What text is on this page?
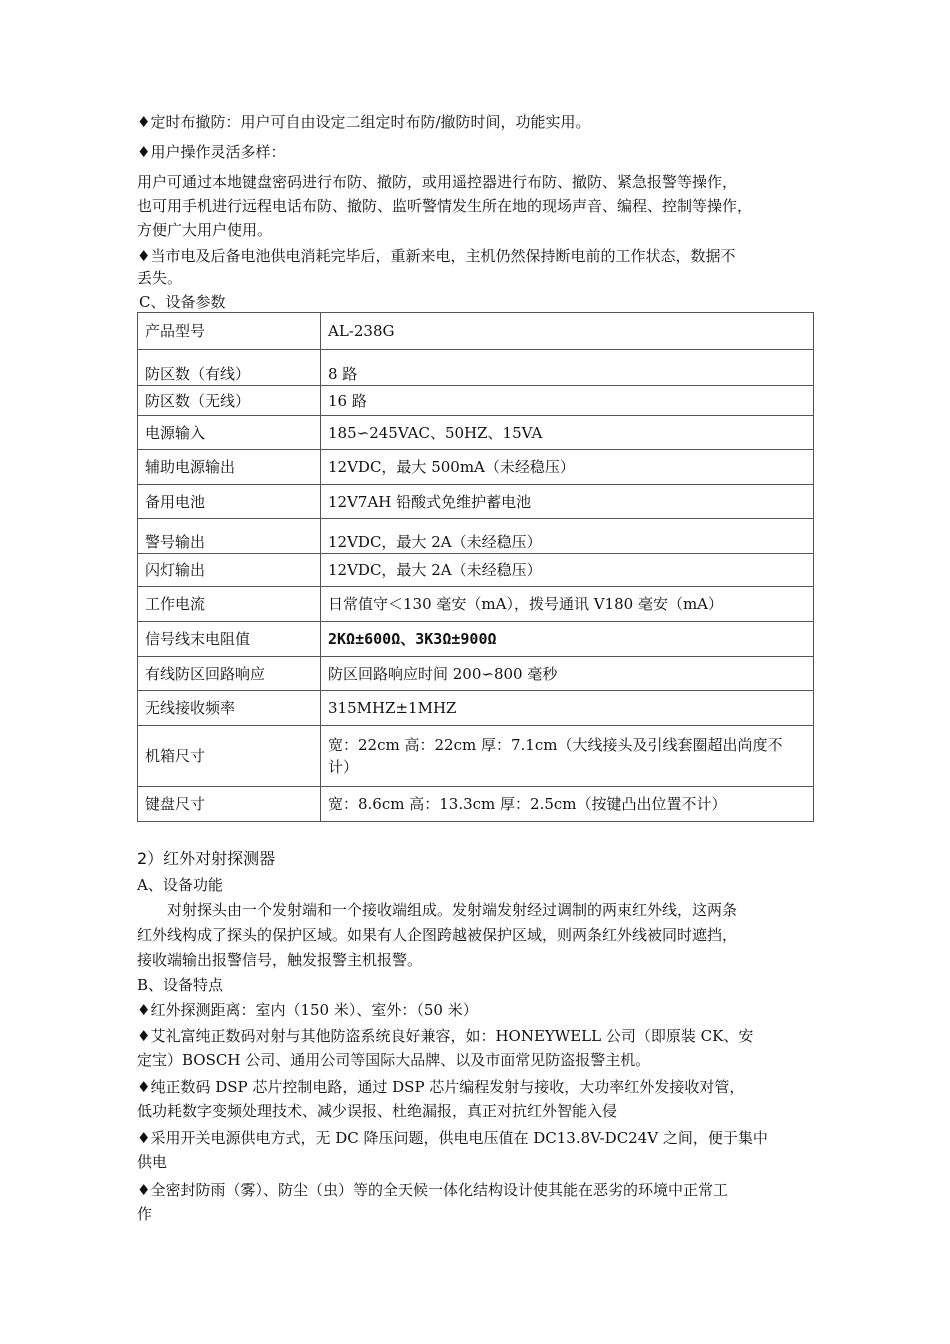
♦定时布撤防：用户可自由设定二组定时布防/撤防时间，功能实用。
♦用户操作灵活多样：
用户可通过本地键盘密码进行布防、撤防，或用遥控器进行布防、撤防、紧急报警等操作，
也可用手机进行远程电话布防、撤防、监听警情发生所在地的现场声音、编程、控制等操作，
方便广大用户使用。
♦当市电及后备电池供电消耗完毕后，重新来电，主机仍然保持断电前的工作状态，数据不
丢失。
C、设备参数
产品型号	AL-238G
防区数（有线）	8 路
防区数（无线）	16 路
电源输入	185∽245VAC、50HZ、15VA
辅助电源输出	12VDC，最大 500mA（未经稳压）
备用电池	12V7AH 铅酸式免维护蓄电池
警号输出	12VDC，最大 2A（未经稳压）
闪灯输出	12VDC，最大 2A（未经稳压）
工作电流	日常值守＜130 毫安（mA），拨号通讯 V180 毫安（mA）
信号线末电阻值	2KΩ±600Ω、3K3Ω±900Ω
有线防区回路响应	防区回路响应时间 200∽800 毫秒
无线接收频率	315MHZ±1MHZ
机箱尺寸	宽：22cm 高：22cm 厚：7.1cm（大线接头及引线套圈超出尚度不
计）

键盘尺寸	宽：8.6cm 高：13.3cm 厚：2.5cm（按键凸出位置不计）
2）红外对射探测器
A、设备功能
对射探头由一个发射端和一个接收端组成。发射端发射经过调制的两束红外线，这两条
红外线构成了探头的保护区域。如果有人企图跨越被保护区域，则两条红外线被同时遮挡，
接收端输出报警信号，触发报警主机报警。
B、设备特点
♦红外探测距离：室内（150 米）、室外：（50 米）
♦艾礼富纯正数码对射与其他防盗系统良好兼容，如：HONEYWELL 公司（即原装 CK、安
定宝）BOSCH 公司、通用公司等国际大品牌、以及市面常见防盗报警主机。
♦纯正数码 DSP 芯片控制电路，通过 DSP 芯片编程发射与接收，大功率红外发接收对管，
低功耗数字变频处理技术、减少误报、杜绝漏报，真正对抗红外智能入侵
♦采用开关电源供电方式，无 DC 降压问题，供电电压值在 DC13.8V-DC24V 之间，便于集中
供电
♦全密封防雨（雾）、防尘（虫）等的全天候一体化结构设计使其能在恶劣的环境中正常工
作
